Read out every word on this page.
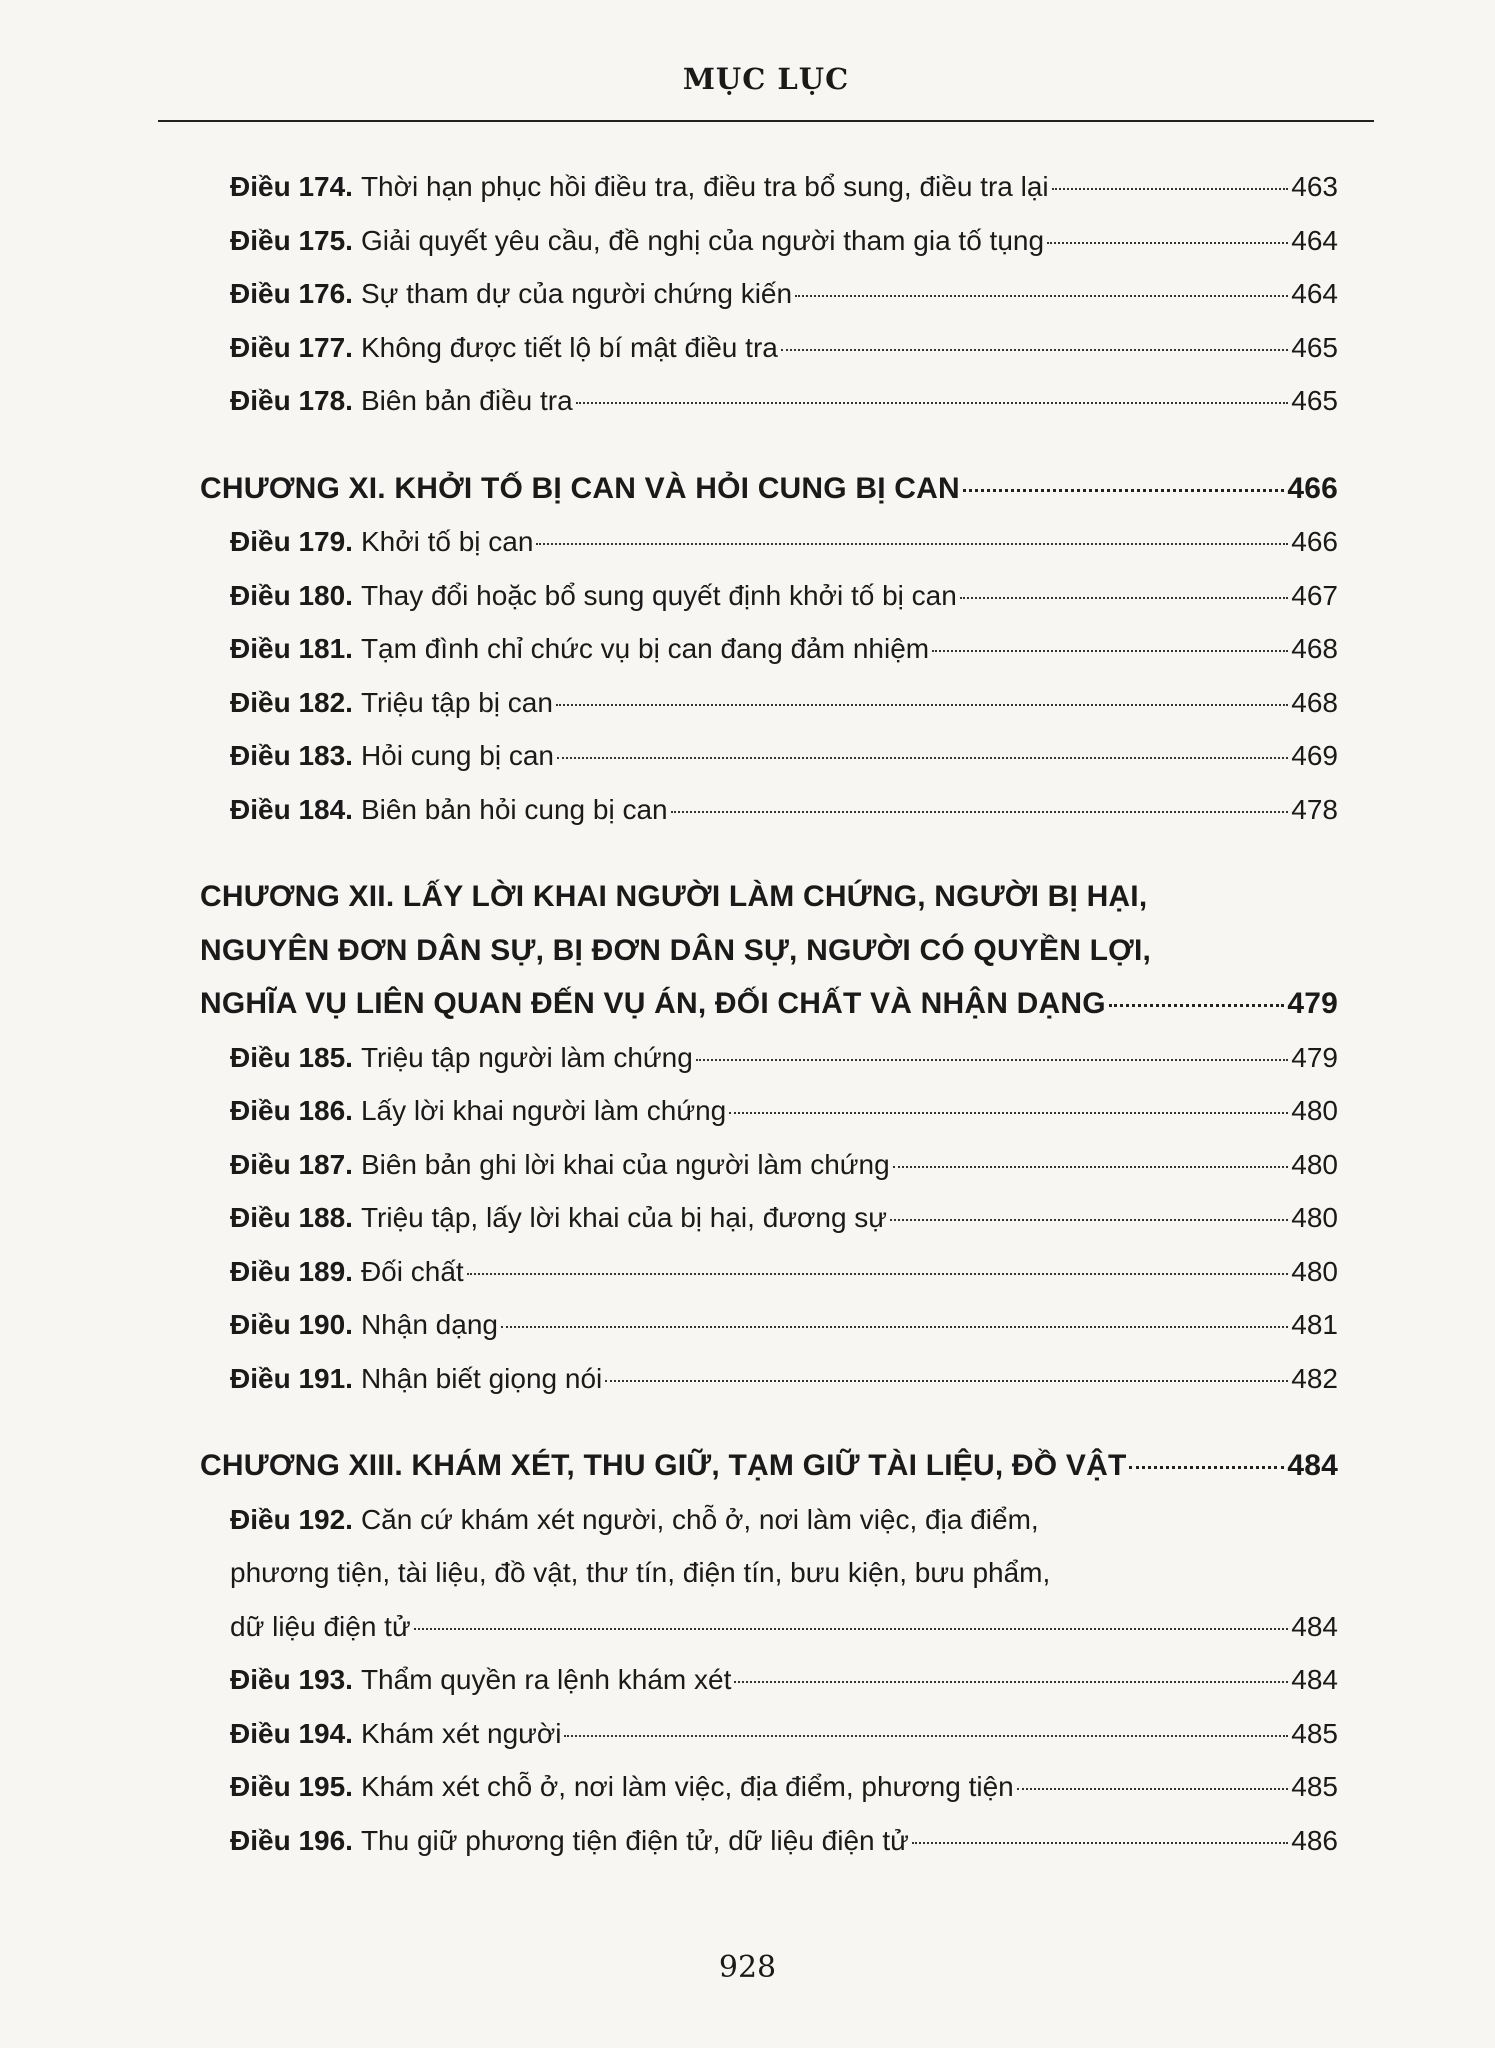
MỤC LỤC
Điều 174. Thời hạn phục hồi điều tra, điều tra bổ sung, điều tra lại	463
Điều 175. Giải quyết yêu cầu, đề nghị của người tham gia tố tụng	464
Điều 176. Sự tham dự của người chứng kiến	464
Điều 177. Không được tiết lộ bí mật điều tra	465
Điều 178. Biên bản điều tra	465
CHƯƠNG XI. KHỞI TỐ BỊ CAN VÀ HỎI CUNG BỊ CAN	466
Điều 179. Khởi tố bị can	466
Điều 180. Thay đổi hoặc bổ sung quyết định khởi tố bị can	467
Điều 181. Tạm đình chỉ chức vụ bị can đang đảm nhiệm	468
Điều 182. Triệu tập bị can	468
Điều 183. Hỏi cung bị can	469
Điều 184. Biên bản hỏi cung bị can	478
CHƯƠNG XII. LẤY LỜI KHAI NGƯỜI LÀM CHỨNG, NGƯỜI BỊ HẠI,
NGUYÊN ĐƠN DÂN SỰ, BỊ ĐƠN DÂN SỰ, NGƯỜI CÓ QUYỀN LỢI,
NGHĨA VỤ LIÊN QUAN ĐẾN VỤ ÁN, ĐỐI CHẤT VÀ NHẬN DẠNG	479
Điều 185. Triệu tập người làm chứng	479
Điều 186. Lấy lời khai người làm chứng	480
Điều 187. Biên bản ghi lời khai của người làm chứng	480
Điều 188. Triệu tập, lấy lời khai của bị hại, đương sự	480
Điều 189. Đối chất	480
Điều 190. Nhận dạng	481
Điều 191. Nhận biết giọng nói	482
CHƯƠNG XIII. KHÁM XÉT, THU GIỮ, TẠM GIỮ TÀI LIỆU, ĐỒ VẬT	484
Điều 192. Căn cứ khám xét người, chỗ ở, nơi làm việc, địa điểm,
phương tiện, tài liệu, đồ vật, thư tín, điện tín, bưu kiện, bưu phẩm,
dữ liệu điện tử	484
Điều 193. Thẩm quyền ra lệnh khám xét	484
Điều 194. Khám xét người	485
Điều 195. Khám xét chỗ ở, nơi làm việc, địa điểm, phương tiện	485
Điều 196. Thu giữ phương tiện điện tử, dữ liệu điện tử	486
928
